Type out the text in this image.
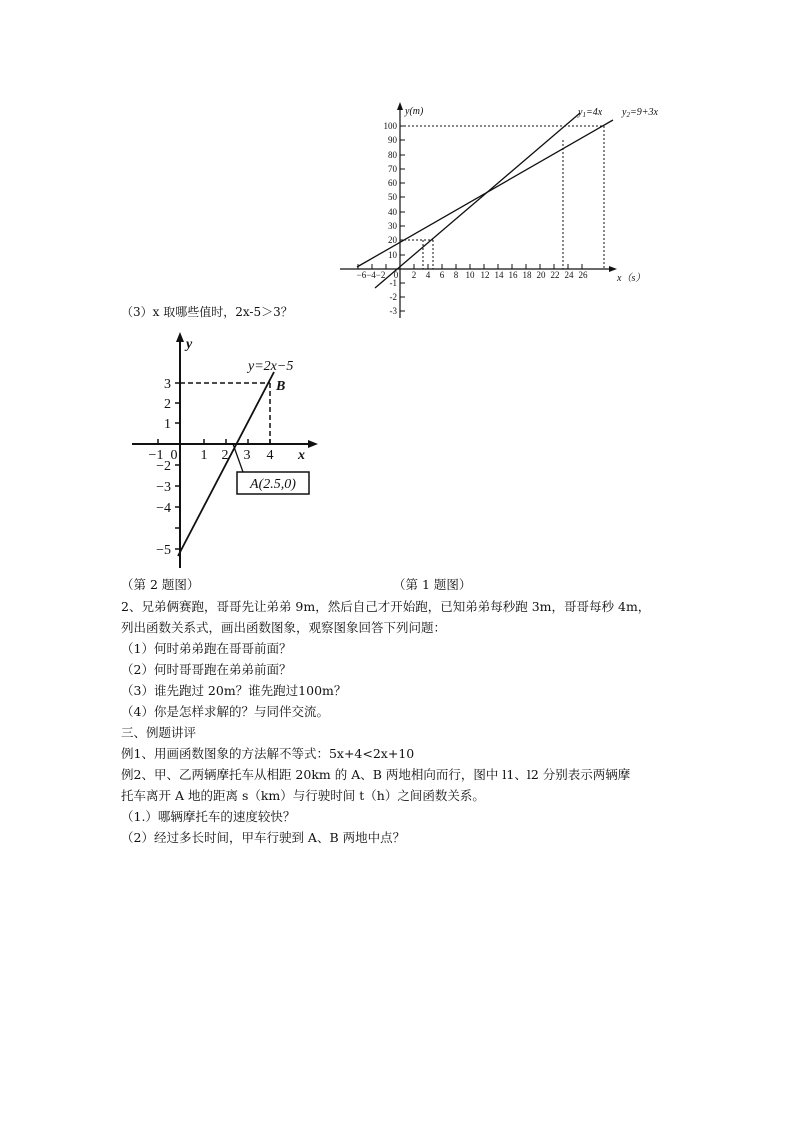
y(m)
x（s）
$y_1=4x$ $y_2=9+3x$
100
90
80
70
60
50
40
30
20
10
-1
-2
-3
−6−4−2 0 2 4 6 8 10 12 14 16 18 20 22 24 26
（3）x 取哪些值时，2x-5＞3？
A(2.5,0)
y
x
y=2x−5
B
3
2
1
−2
−3
−4
−5
−1 0 1 2 3 4
（第 2 题图）	（第 1 题图）
2、兄弟俩赛跑，哥哥先让弟弟 9m，然后自己才开始跑，已知弟弟每秒跑 3m，哥哥每秒 4m，
列出函数关系式，画出函数图象，观察图象回答下列问题：
（1）何时弟弟跑在哥哥前面？
（2）何时哥哥跑在弟弟前面？
（3）谁先跑过 20m？谁先跑过100m？
（4）你是怎样求解的？与同伴交流。
三、例题讲评
例1、用画函数图象的方法解不等式：5x+4<2x+10
例2、甲、乙两辆摩托车从相距 20km 的 A、B 两地相向而行，图中 l1、l2 分别表示两辆摩
托车离开 A 地的距离 s（km）与行驶时间 t（h）之间函数关系。
（1.）哪辆摩托车的速度较快？
（2）经过多长时间，甲车行驶到 A、B 两地中点？
